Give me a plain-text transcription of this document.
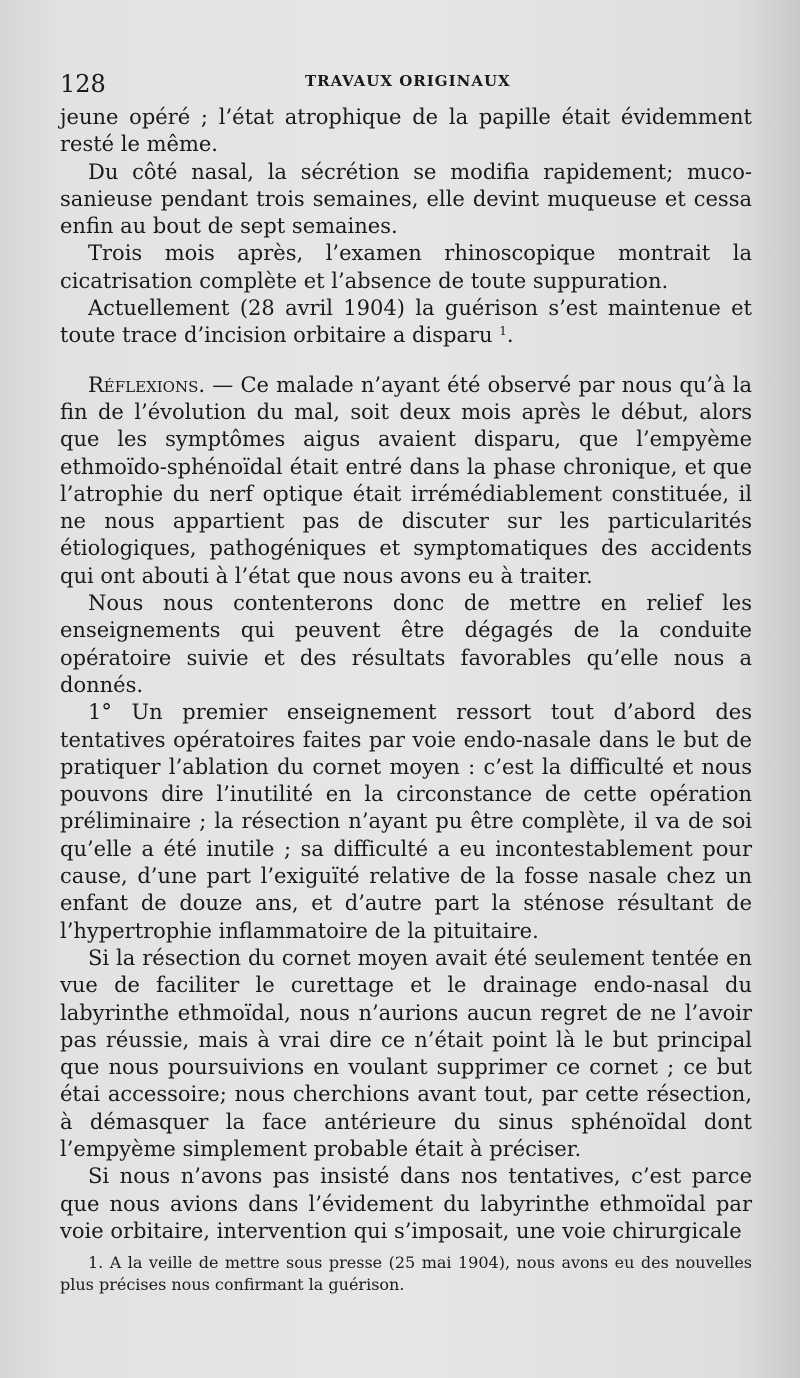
128	TRAVAUX ORIGINAUX

jeune opéré ; l’état atrophique de la papille était évidemment resté le même.

Du côté nasal, la sécrétion se modifia rapidement; muco-sanieuse pendant trois semaines, elle devint muqueuse et cessa enfin au bout de sept semaines.

Trois mois après, l’examen rhinoscopique montrait la cicatrisation complète et l’absence de toute suppuration.

Actuellement (28 avril 1904) la guérison s’est maintenue et toute trace d’incision orbitaire a disparu $^1$.

Réflexions. — Ce malade n’ayant été observé par nous qu’à la fin de l’évolution du mal, soit deux mois après le début, alors que les symptômes aigus avaient disparu, que l’empyème ethmoïdo-sphénoïdal était entré dans la phase chronique, et que l’atrophie du nerf optique était irrémédiablement constituée, il ne nous appartient pas de discuter sur les particularités étiologiques, pathogéniques et symptomatiques des accidents qui ont abouti à l’état que nous avons eu à traiter.

Nous nous contenterons donc de mettre en relief les enseignements qui peuvent être dégagés de la conduite opératoire suivie et des résultats favorables qu’elle nous a donnés.

1° Un premier enseignement ressort tout d’abord des tentatives opératoires faites par voie endo-nasale dans le but de pratiquer l’ablation du cornet moyen : c’est la difficulté et nous pouvons dire l’inutilité en la circonstance de cette opération préliminaire ; la résection n’ayant pu être complète, il va de soi qu’elle a été inutile ; sa difficulté a eu incontestablement pour cause, d’une part l’exiguïté relative de la fosse nasale chez un enfant de douze ans, et d’autre part la sténose résultant de l’hypertrophie inflammatoire de la pituitaire.

Si la résection du cornet moyen avait été seulement tentée en vue de faciliter le curettage et le drainage endo-nasal du labyrinthe ethmoïdal, nous n’aurions aucun regret de ne l’avoir pas réussie, mais à vrai dire ce n’était point là le but principal que nous poursuivions en voulant supprimer ce cornet ; ce but étai accessoire; nous cherchions avant tout, par cette résection, à démasquer la face antérieure du sinus sphénoïdal dont l’empyème simplement probable était à préciser.

Si nous n’avons pas insisté dans nos tentatives, c’est parce que nous avions dans l’évidement du labyrinthe ethmoïdal par voie orbitaire, intervention qui s’imposait, une voie chirurgicale

1. A la veille de mettre sous presse (25 mai 1904), nous avons eu des nouvelles plus précises nous confirmant la guérison.
